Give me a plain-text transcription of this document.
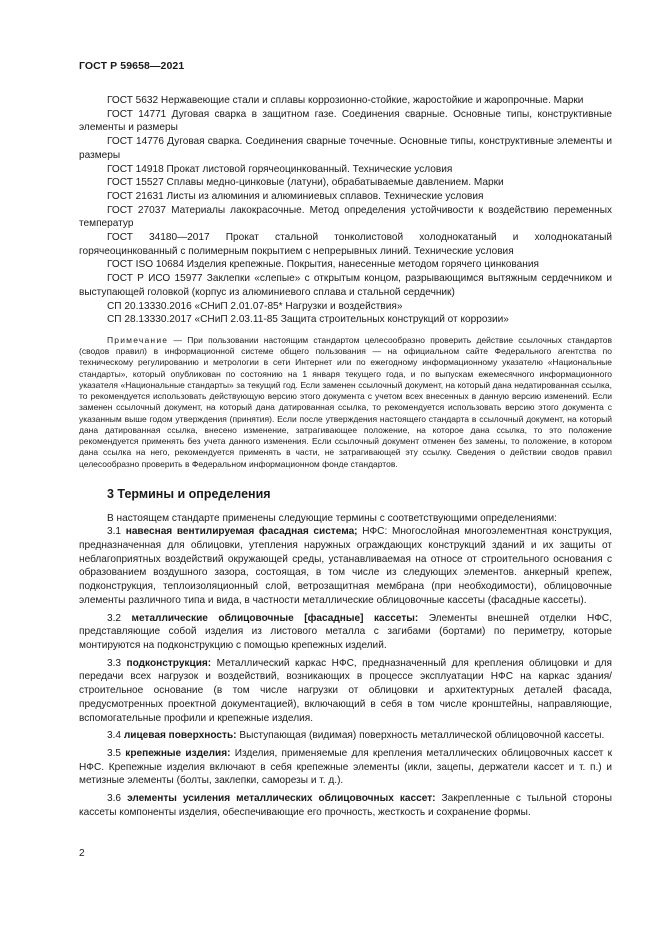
ГОСТ Р 59658—2021

ГОСТ 5632 Нержавеющие стали и сплавы коррозионно-стойкие, жаростойкие и жаропрочные. Марки

ГОСТ 14771 Дуговая сварка в защитном газе. Соединения сварные. Основные типы, конструктивные элементы и размеры

ГОСТ 14776 Дуговая сварка. Соединения сварные точечные. Основные типы, конструктивные элементы и размеры

ГОСТ 14918 Прокат листовой горячеоцинкованный. Технические условия

ГОСТ 15527 Сплавы медно-цинковые (латуни), обрабатываемые давлением. Марки

ГОСТ 21631 Листы из алюминия и алюминиевых сплавов. Технические условия

ГОСТ 27037 Материалы лакокрасочные. Метод определения устойчивости к воздействию переменных температур

ГОСТ 34180—2017 Прокат стальной тонколистовой холоднокатаный и холоднокатаный горячеоцинкованный с полимерным покрытием с непрерывных линий. Технические условия

ГОСТ ISO 10684 Изделия крепежные. Покрытия, нанесенные методом горячего цинкования

ГОСТ Р ИСО 15977 Заклепки «слепые» с открытым концом, разрывающимся вытяжным сердечником и выступающей головкой (корпус из алюминиевого сплава и стальной сердечник)

СП 20.13330.2016 «СНиП 2.01.07-85* Нагрузки и воздействия»

СП 28.13330.2017 «СНиП 2.03.11-85 Защита строительных конструкций от коррозии»

Примечание — При пользовании настоящим стандартом целесообразно проверить действие ссылочных стандартов (сводов правил) в информационной системе общего пользования — на официальном сайте Федерального агентства по техническому регулированию и метрологии в сети Интернет или по ежегодному информационному указателю «Национальные стандарты», который опубликован по состоянию на 1 января текущего года, и по выпускам ежемесячного информационного указателя «Национальные стандарты» за текущий год. Если заменен ссылочный документ, на который дана недатированная ссылка, то рекомендуется использовать действующую версию этого документа с учетом всех внесенных в данную версию изменений. Если заменен ссылочный документ, на который дана датированная ссылка, то рекомендуется использовать версию этого документа с указанным выше годом утверждения (принятия). Если после утверждения настоящего стандарта в ссылочный документ, на который дана датированная ссылка, внесено изменение, затрагивающее положение, на которое дана ссылка, то это положение рекомендуется применять без учета данного изменения. Если ссылочный документ отменен без замены, то положение, в котором дана ссылка на него, рекомендуется применять в части, не затрагивающей эту ссылку. Сведения о действии сводов правил целесообразно проверить в Федеральном информационном фонде стандартов.

3 Термины и определения

В настоящем стандарте применены следующие термины с соответствующими определениями:

3.1 навесная вентилируемая фасадная система; НФС: Многослойная многоэлементная конструкция, предназначенная для облицовки, утепления наружных ограждающих конструкций зданий и их защиты от неблагоприятных воздействий окружающей среды, устанавливаемая на относе от строительного основания с образованием воздушного зазора, состоящая, в том числе из следующих элементов. анкерный крепеж, подконструкция, теплоизоляционный слой, ветрозащитная мембрана (при необходимости), облицовочные элементы различного типа и вида, в частности металлические облицовочные кассеты (фасадные кассеты).

3.2 металлические облицовочные [фасадные] кассеты: Элементы внешней отделки НФС, представляющие собой изделия из листового металла с загибами (бортами) по периметру, которые монтируются на подконструкцию с помощью крепежных изделий.

3.3 подконструкция: Металлический каркас НФС, предназначенный для крепления облицовки и для передачи всех нагрузок и воздействий, возникающих в процессе эксплуатации НФС на каркас здания/строительное основание (в том числе нагрузки от облицовки и архитектурных деталей фасада, предусмотренных проектной документацией), включающий в себя в том числе кронштейны, направляющие, вспомогательные профили и крепежные изделия.

3.4 лицевая поверхность: Выступающая (видимая) поверхность металлической облицовочной кассеты.

3.5 крепежные изделия: Изделия, применяемые для крепления металлических облицовочных кассет к НФС. Крепежные изделия включают в себя крепежные элементы (икли, зацепы, держатели кассет и т. п.) и метизные элементы (болты, заклепки, саморезы и т. д.).

3.6 элементы усиления металлических облицовочных кассет: Закрепленные с тыльной стороны кассеты компоненты изделия, обеспечивающие его прочность, жесткость и сохранение формы.

2
